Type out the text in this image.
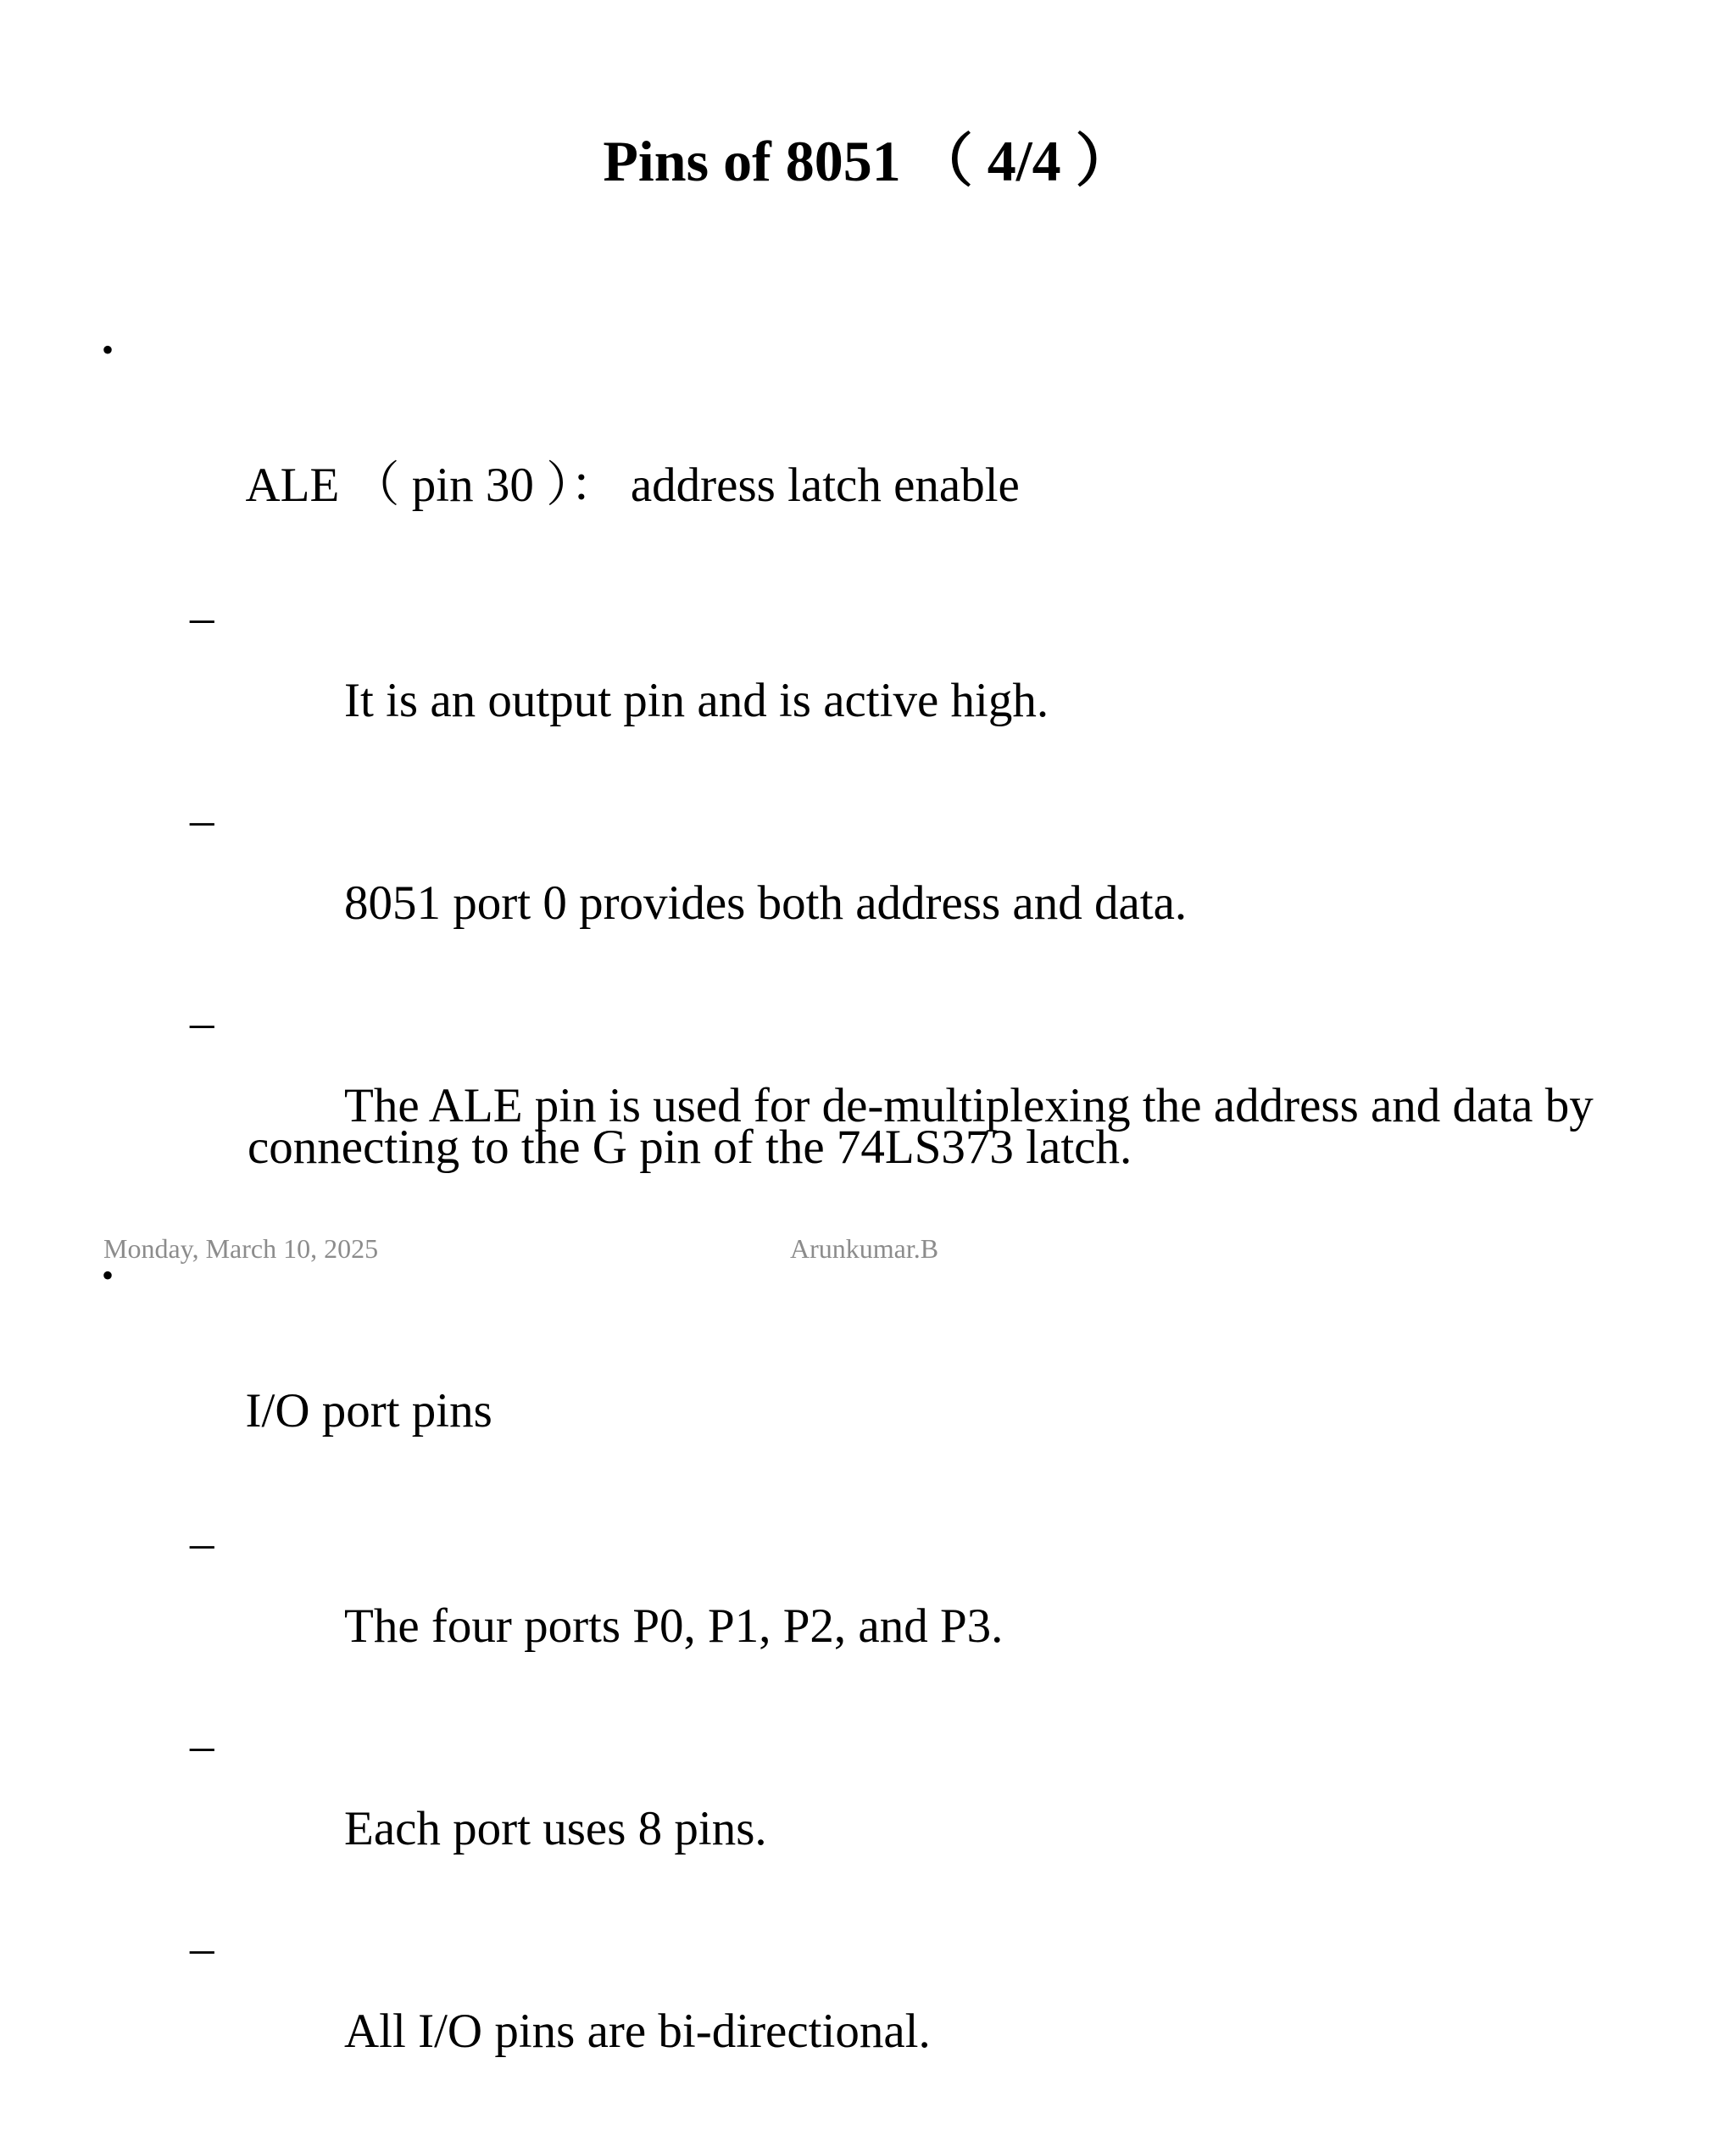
Pins of 8051 （ 4/4 ）

•

ALE （ pin 30 ）： address latch enable

–

It is an output pin and is active high.

–

8051 port 0 provides both address and data.

–

The ALE pin is used for de-multiplexing the address and data by connecting to the G pin of the 74LS373 latch.

•

I/O port pins

–

The four ports P0, P1, P2, and P3.

–

Each port uses 8 pins.

–

All I/O pins are bi-directional.

Monday, March 10, 2025	Arunkumar.B
